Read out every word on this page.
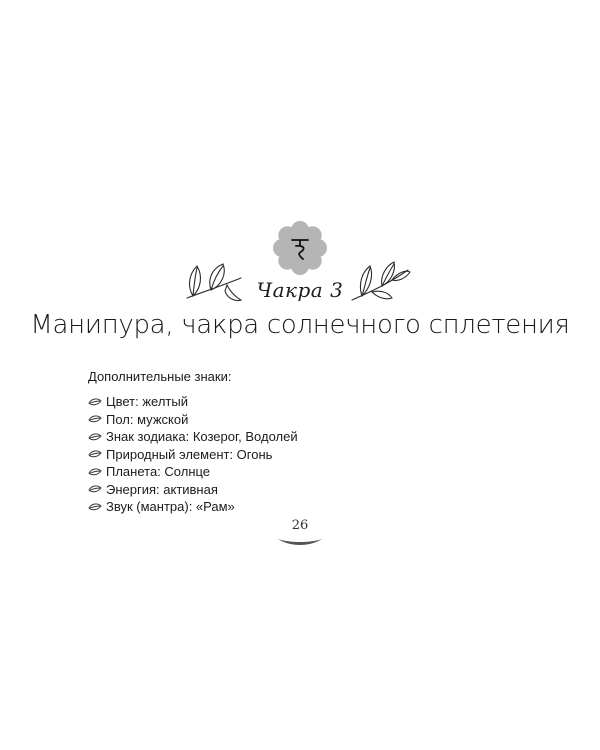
Чакра 3
Манипура, чакра солнечного сплетения
Дополнительные знаки:
Цвет: желтый
Пол: мужской
Знак зодиака: Козерог, Водолей
Природный элемент: Огонь
Планета: Солнце
Энергия: активная
Звук (мантра): «Рам»
26
